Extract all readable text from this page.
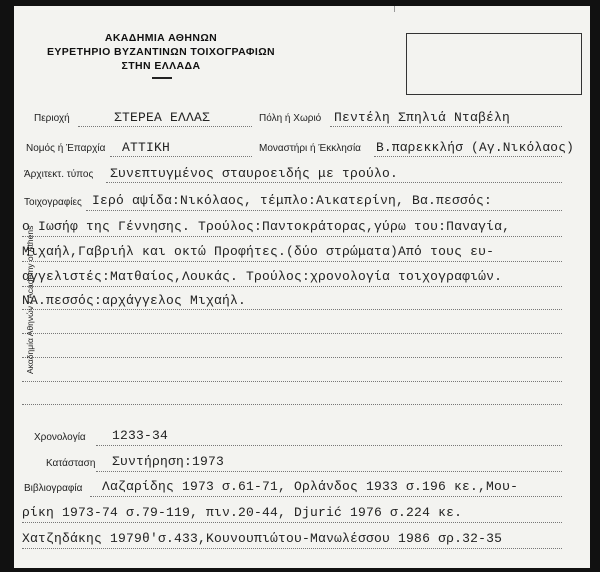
ΑΚΑΔΗΜΙΑ ΑΘΗΝΩΝ
ΕΥΡΕΤΗΡΙΟ ΒΥΖΑΝΤΙΝΩΝ ΤΟΙΧΟΓΡΑΦΙΩΝ
ΣΤΗΝ ΕΛΛΑΔΑ
Περιοχή	ΣΤΕΡΕΑ ΕΛΛΑΣ	Πόλη ή Χωριό Πεντέλη Σπηλιά Νταβέλη
Νομός ή Έπαρχία ΑΤΤΙΚΗ	Μοναστήρι ή Έκκλησία Β.παρεκκλήσ (Αγ.Νικόλαος)
Άρχιτεκτ. τύπος Συνεπτυγμένος σταυροειδής με τρούλο.
Τοιχογραφίες Ιερό αψίδα:Νικόλαος, τέμπλο:Αικατερίνη, Βα.πεσσός:
ο Ιωσήφ της Γέννησης. Τρούλος:Παντοκράτορας,γύρω του:Παναγία,
Μιχαήλ,Γαβριήλ και οκτώ Προφήτες.(δύο στρώματα)Από τους ευ-
αγγελιστές:Ματθαίος,Λουκάς. Τρούλος:χρονολογία τοιχογραφιών.
ΝΑ.πεσσός:αρχάγγελος Μιχαήλ.
Χρονολογία 1233-34
Κατάσταση Συντήρηση:1973
Βιβλιογραφία Λαζαρίδης 1973 σ.61-71, Ορλάνδος 1933 σ.196 κε.,Μου-
ρίκη 1973-74 σ.79-119, πιν.20-44, Djurić 1976 σ.224 κε.
Χατζηδάκης 1979θ'σ.433,Κουνουπιώτου-Μανωλέσσου 1986 σρ.32-35
Ακαδημία Αθηνών / Academy of Athens
